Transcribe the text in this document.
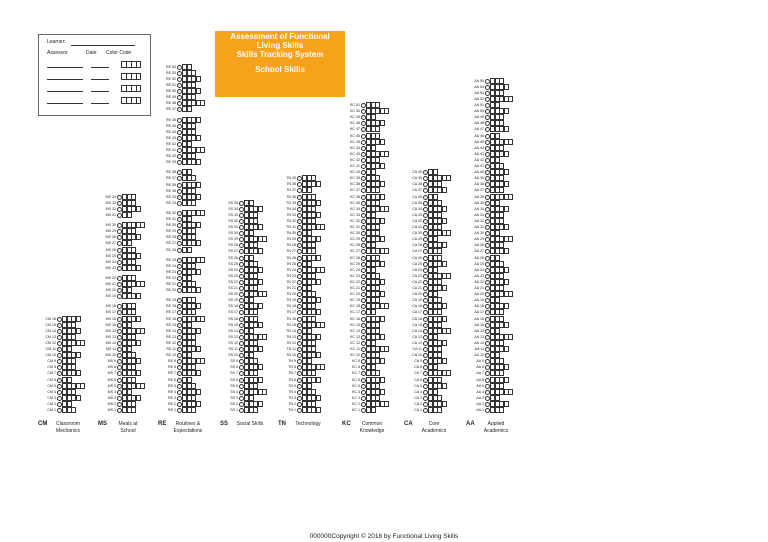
CM 16
CM 15
CM 14
CM 13
CM 12
CM 11
CM 10
CM 9
CM 8
CM 7
CM 6
CM 5
CM 4
CM 3
CM 2
CM 1
CM	Classroom Mechanics
MS 34
MS 33
MS 32
MS 31
MS 30
MS 29
MS 28
MS 27
MS 26
MS 25
MS 24
MS 23
MS 22
MS 21
MS 20
MS 19
MS 18
MS 17
MS 16
MS 15
MS 14
MS 13
MS 12
MS 11
MS 10
MS 9
MS 8
MS 7
MS 6
MS 5
MS 4
MS 3
MS 2
MS 1
MS	Meals at School
RE 54
RE 53
RE 52
RE 51
RE 50
RE 49
RE 48
RE 47
RE 46
RE 45
RE 44
RE 43
RE 42
RE 41
RE 40
RE 39
RE 38
RE 37
RE 36
RE 35
RE 34
RE 33
RE 32
RE 31
RE 30
RE 29
RE 28
RE 27
RE 26
RE 25
RE 24
RE 23
RE 22
RE 21
RE 20
RE 19
RE 18
RE 17
RE 16
RE 15
RE 14
RE 13
RE 12
RE 11
RE 10
RE 9
RE 8
RE 7
RE 6
RE 5
RE 4
RE 3
RE 2
RE 1
RE	Routines & Expectations
SS 35
SS 34
SS 33
SS 32
SS 31
SS 30
SS 29
SS 28
SS 27
SS 26
SS 25
SS 24
SS 23
SS 22
SS 21
SS 20
SS 19
SS 18
SS 17
SS 16
SS 15
SS 14
SS 13
SS 12
SS 11
SS 10
SS 9
SS 8
SS 7
SS 6
SS 5
SS 4
SS 3
SS 2
SS 1
SS	Social Skills
TN 39
TN 38
TN 37
TN 36
TN 35
TN 34
TN 33
TN 32
TN 31
TN 30
TN 29
TN 28
TN 27
TN 26
TN 25
TN 24
TN 23
TN 22
TN 21
TN 20
TN 19
TN 18
TN 17
TN 16
TN 15
TN 14
TN 13
TN 12
TN 11
TN 10
TN 9
TN 8
TN 7
TN 6
TN 5
TN 4
TN 3
TN 2
TN 1
TN	Technology
KC 51
KC 50
KC 49
KC 48
KC 47
KC 46
KC 45
KC 44
KC 43
KC 42
KC 41
KC 40
KC 39
KC 38
KC 37
KC 36
KC 35
KC 34
KC 33
KC 32
KC 31
KC 30
KC 29
KC 28
KC 27
KC 26
KC 25
KC 24
KC 23
KC 22
KC 21
KC 20
KC 19
KC 18
KC 17
KC 16
KC 15
KC 14
KC 13
KC 12
KC 11
KC 10
KC 9
KC 8
KC 7
KC 6
KC 5
KC 4
KC 3
KC 2
KC 1
KC	Common Knowledge
CA 40
CA 39
CA 38
CA 37
CA 36
CA 35
CA 34
CA 33
CA 32
CA 31
CA 30
CA 29
CA 28
CA 27
CA 26
CA 25
CA 24
CA 23
CA 22
CA 21
CA 20
CA 19
CA 18
CA 17
CA 16
CA 15
CA 14
CA 13
CA 12
CA 11
CA 10
CA 9
CA 8
CA 7
CA 6
CA 5
CA 4
CA 3
CA 2
CA 1
CA	Core Academics
AA 55
AA 54
AA 53
AA 52
AA 51
AA 50
AA 49
AA 48
AA 47
AA 46
AA 45
AA 44
AA 43
AA 42
AA 41
AA 40
AA 39
AA 38
AA 37
AA 36
AA 35
AA 34
AA 33
AA 32
AA 31
AA 30
AA 29
AA 28
AA 27
AA 26
AA 25
AA 24
AA 23
AA 22
AA 21
AA 20
AA 19
AA 18
AA 17
AA 16
AA 15
AA 14
AA 13
AA 12
AA 11
AA 10
AA 9
AA 8
AA 7
AA 6
AA 5
AA 4
AA 3
AA 2
AA 1
AA	Applied Academics
Learner:
Assessor	Date Color Code
Assessment of Functional
Living Skills
Skills Tracking System
School Skills
000000Copyright © 2018 by Functional Living Skills
